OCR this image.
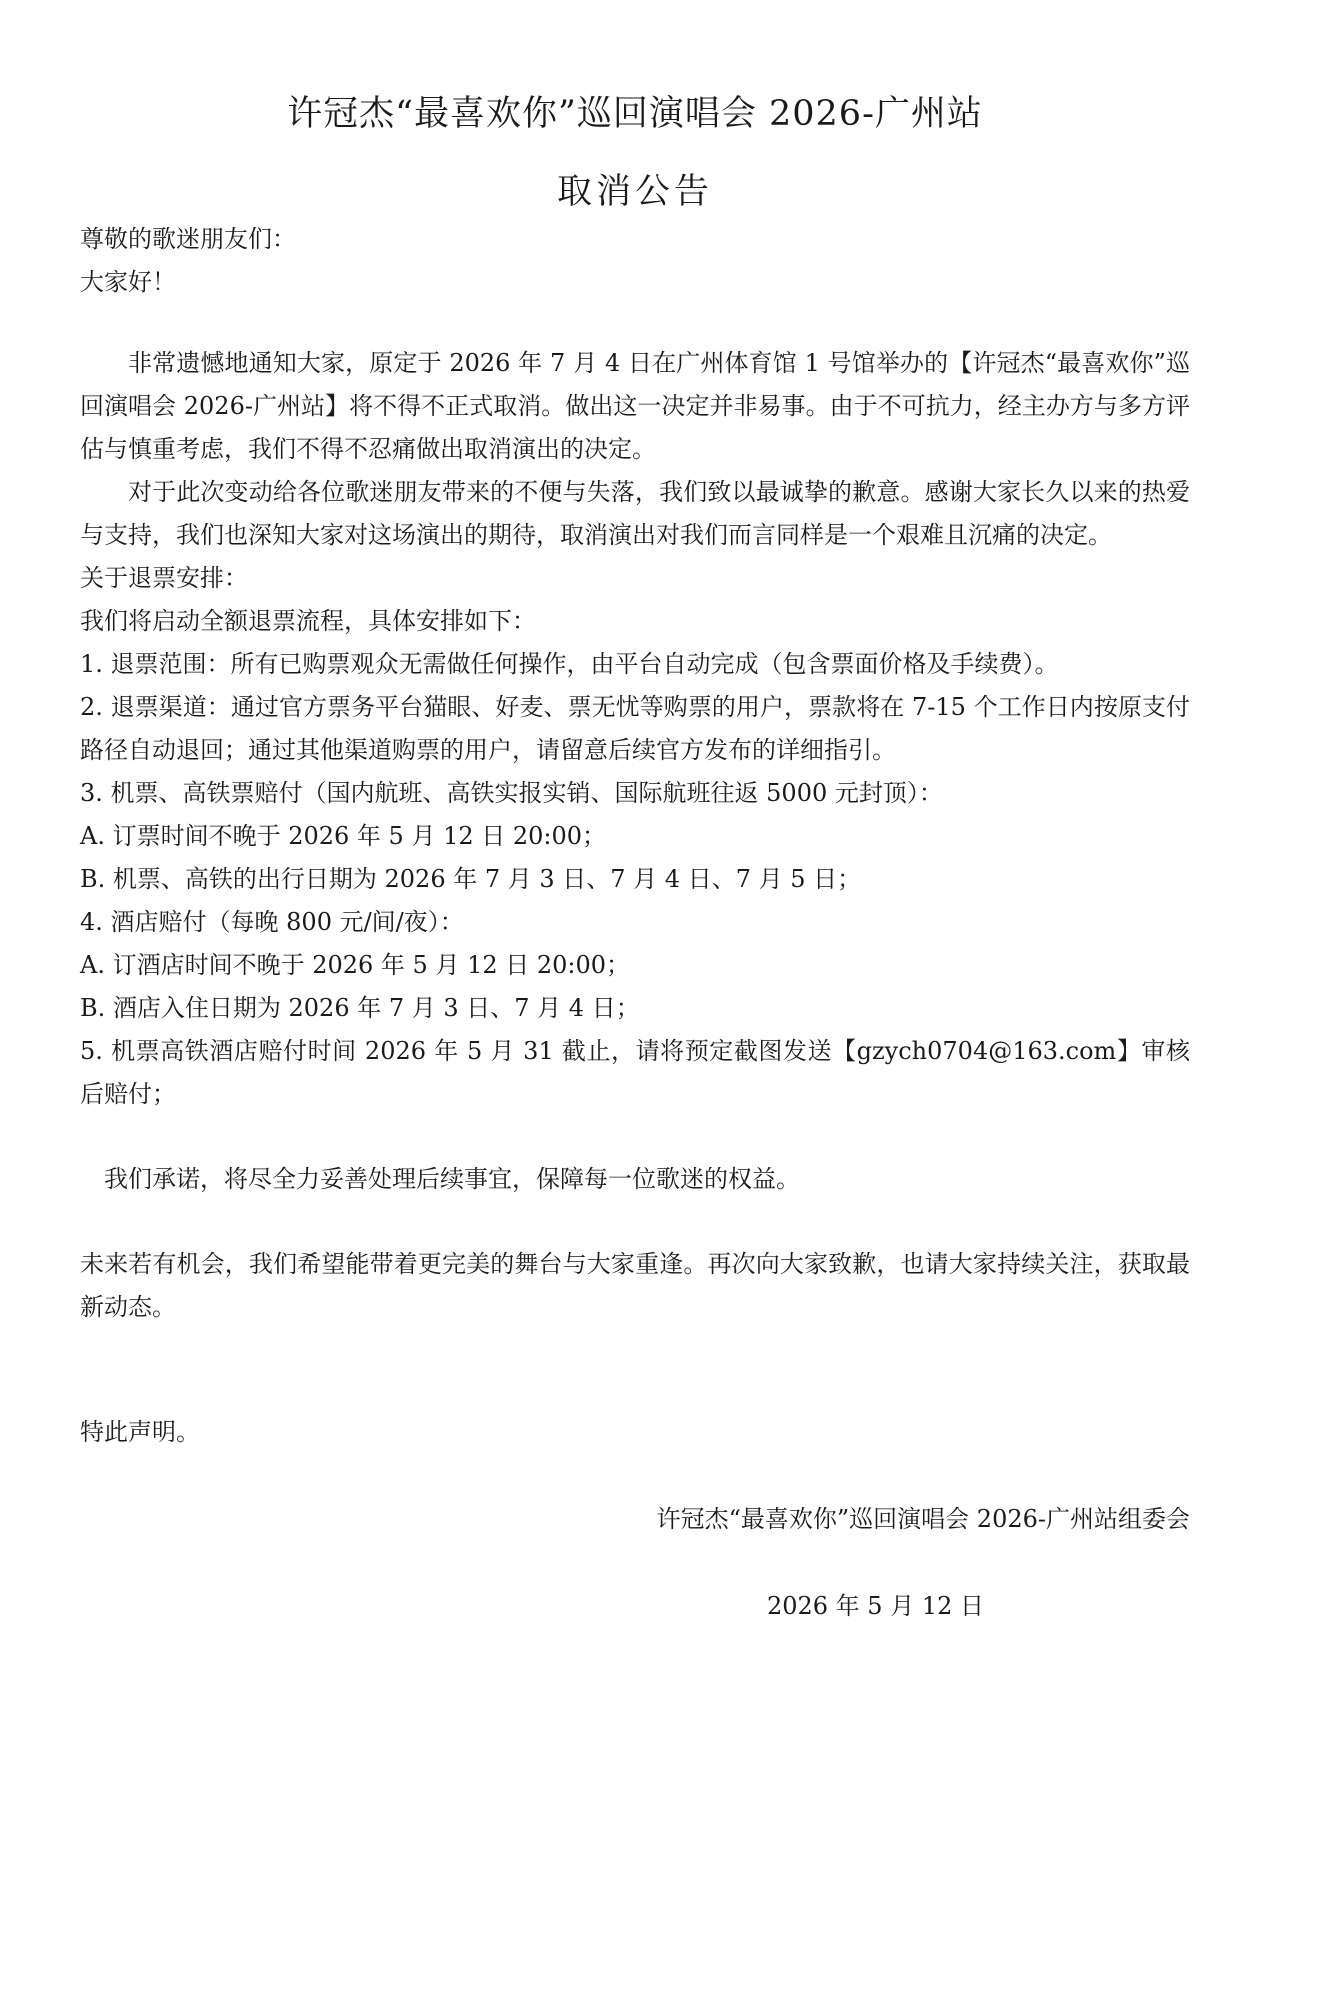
许冠杰“最喜欢你”巡回演唱会 2026-广州站
取消公告

尊敬的歌迷朋友们：

大家好！

非常遗憾地通知大家，原定于 2026 年 7 月 4 日在广州体育馆 1 号馆举办的【许冠杰“最喜欢你”巡回演唱会 2026-广州站】将不得不正式取消。做出这一决定并非易事。由于不可抗力，经主办方与多方评估与慎重考虑，我们不得不忍痛做出取消演出的决定。

对于此次变动给各位歌迷朋友带来的不便与失落，我们致以最诚挚的歉意。感谢大家长久以来的热爱与支持，我们也深知大家对这场演出的期待，取消演出对我们而言同样是一个艰难且沉痛的决定。

关于退票安排：

我们将启动全额退票流程，具体安排如下：

1. 退票范围：所有已购票观众无需做任何操作，由平台自动完成（包含票面价格及手续费）。

2. 退票渠道：通过官方票务平台猫眼、好麦、票无忧等购票的用户，票款将在 7-15 个工作日内按原支付路径自动退回；通过其他渠道购票的用户，请留意后续官方发布的详细指引。

3. 机票、高铁票赔付（国内航班、高铁实报实销、国际航班往返 5000 元封顶）：

A. 订票时间不晚于 2026 年 5 月 12 日 20:00；

B. 机票、高铁的出行日期为 2026 年 7 月 3 日、7 月 4 日、7 月 5 日；

4. 酒店赔付（每晚 800 元/间/夜）：

A. 订酒店时间不晚于 2026 年 5 月 12 日 20:00；

B. 酒店入住日期为 2026 年 7 月 3 日、7 月 4 日；

5. 机票高铁酒店赔付时间 2026 年 5 月 31 截止，请将预定截图发送【gzych0704@163.com】审核后赔付；

我们承诺，将尽全力妥善处理后续事宜，保障每一位歌迷的权益。

未来若有机会，我们希望能带着更完美的舞台与大家重逢。再次向大家致歉，也请大家持续关注，获取最新动态。

特此声明。

许冠杰“最喜欢你”巡回演唱会 2026-广州站组委会

2026 年 5 月 12 日
